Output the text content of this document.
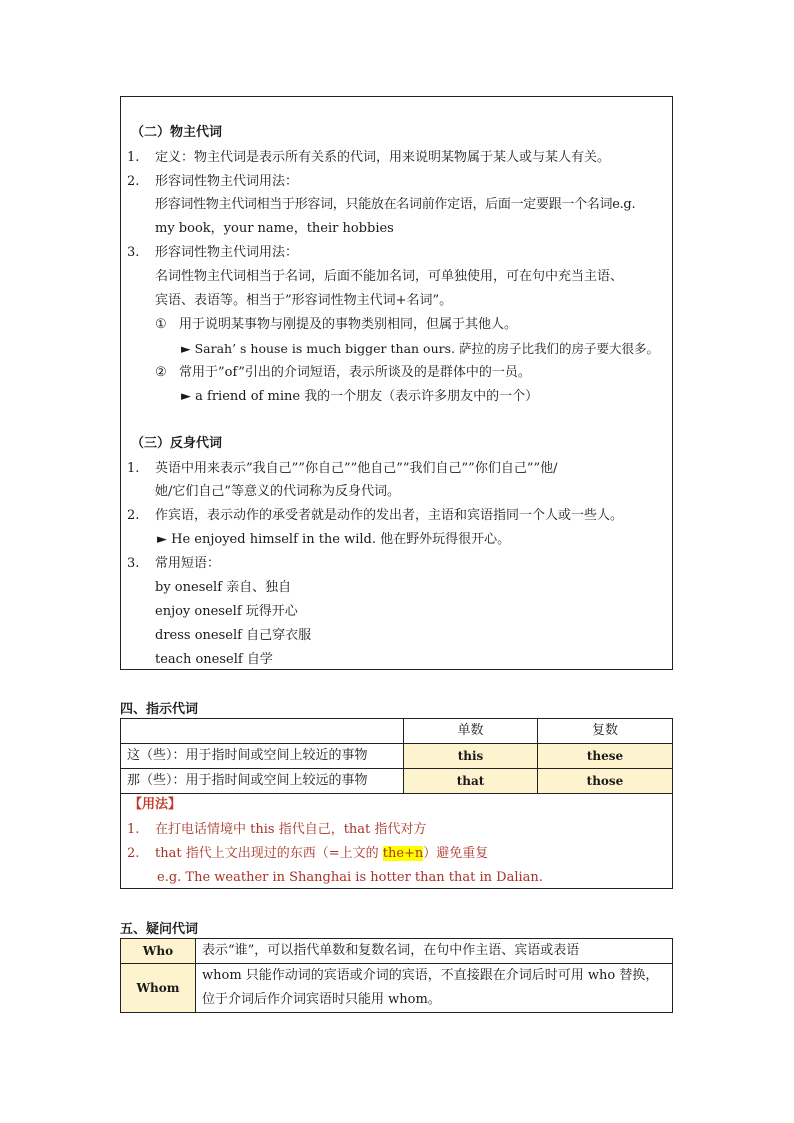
（二）物主代词
1. 定义：物主代词是表示所有关系的代词，用来说明某物属于某人或与某人有关。
2. 形容词性物主代词用法：
形容词性物主代词相当于形容词，只能放在名词前作定语，后面一定要跟一个名词e.g.
my book，your name，their hobbies
3. 形容词性物主代词用法：
名词性物主代词相当于名词，后面不能加名词，可单独使用，可在句中充当主语、
宾语、表语等。相当于”形容词性物主代词+名词”。
① 用于说明某事物与刚提及的事物类别相同，但属于其他人。
► Sarah’ s house is much bigger than ours. 萨拉的房子比我们的房子要大很多。
② 常用于”of”引出的介词短语，表示所谈及的是群体中的一员。
► a friend of mine 我的一个朋友（表示许多朋友中的一个）
（三）反身代词
1. 英语中用来表示”我自己””你自己””他自己””我们自己””你们自己””他/
她/它们自己”等意义的代词称为反身代词。
2. 作宾语，表示动作的承受者就是动作的发出者，主语和宾语指同一个人或一些人。
► He enjoyed himself in the wild. 他在野外玩得很开心。
3. 常用短语：
by oneself 亲自、独自
enjoy oneself 玩得开心
dress oneself 自己穿衣服
teach oneself 自学
四、指示代词
	单数	复数
这（些）：用于指时间或空间上较近的事物	this	these
那（些）：用于指时间或空间上较远的事物	that	those
【用法】
1. 在打电话情境中 this 指代自己，that 指代对方
2. that 指代上文出现过的东西（=上文的 the+n）避免重复
e.g. The weather in Shanghai is hotter than that in Dalian.
五、疑问代词
Who	表示“谁”，可以指代单数和复数名词，在句中作主语、宾语或表语
Whom	whom 只能作动词的宾语或介词的宾语，不直接跟在介词后时可用 who 替换，
位于介词后作介词宾语时只能用 whom。
